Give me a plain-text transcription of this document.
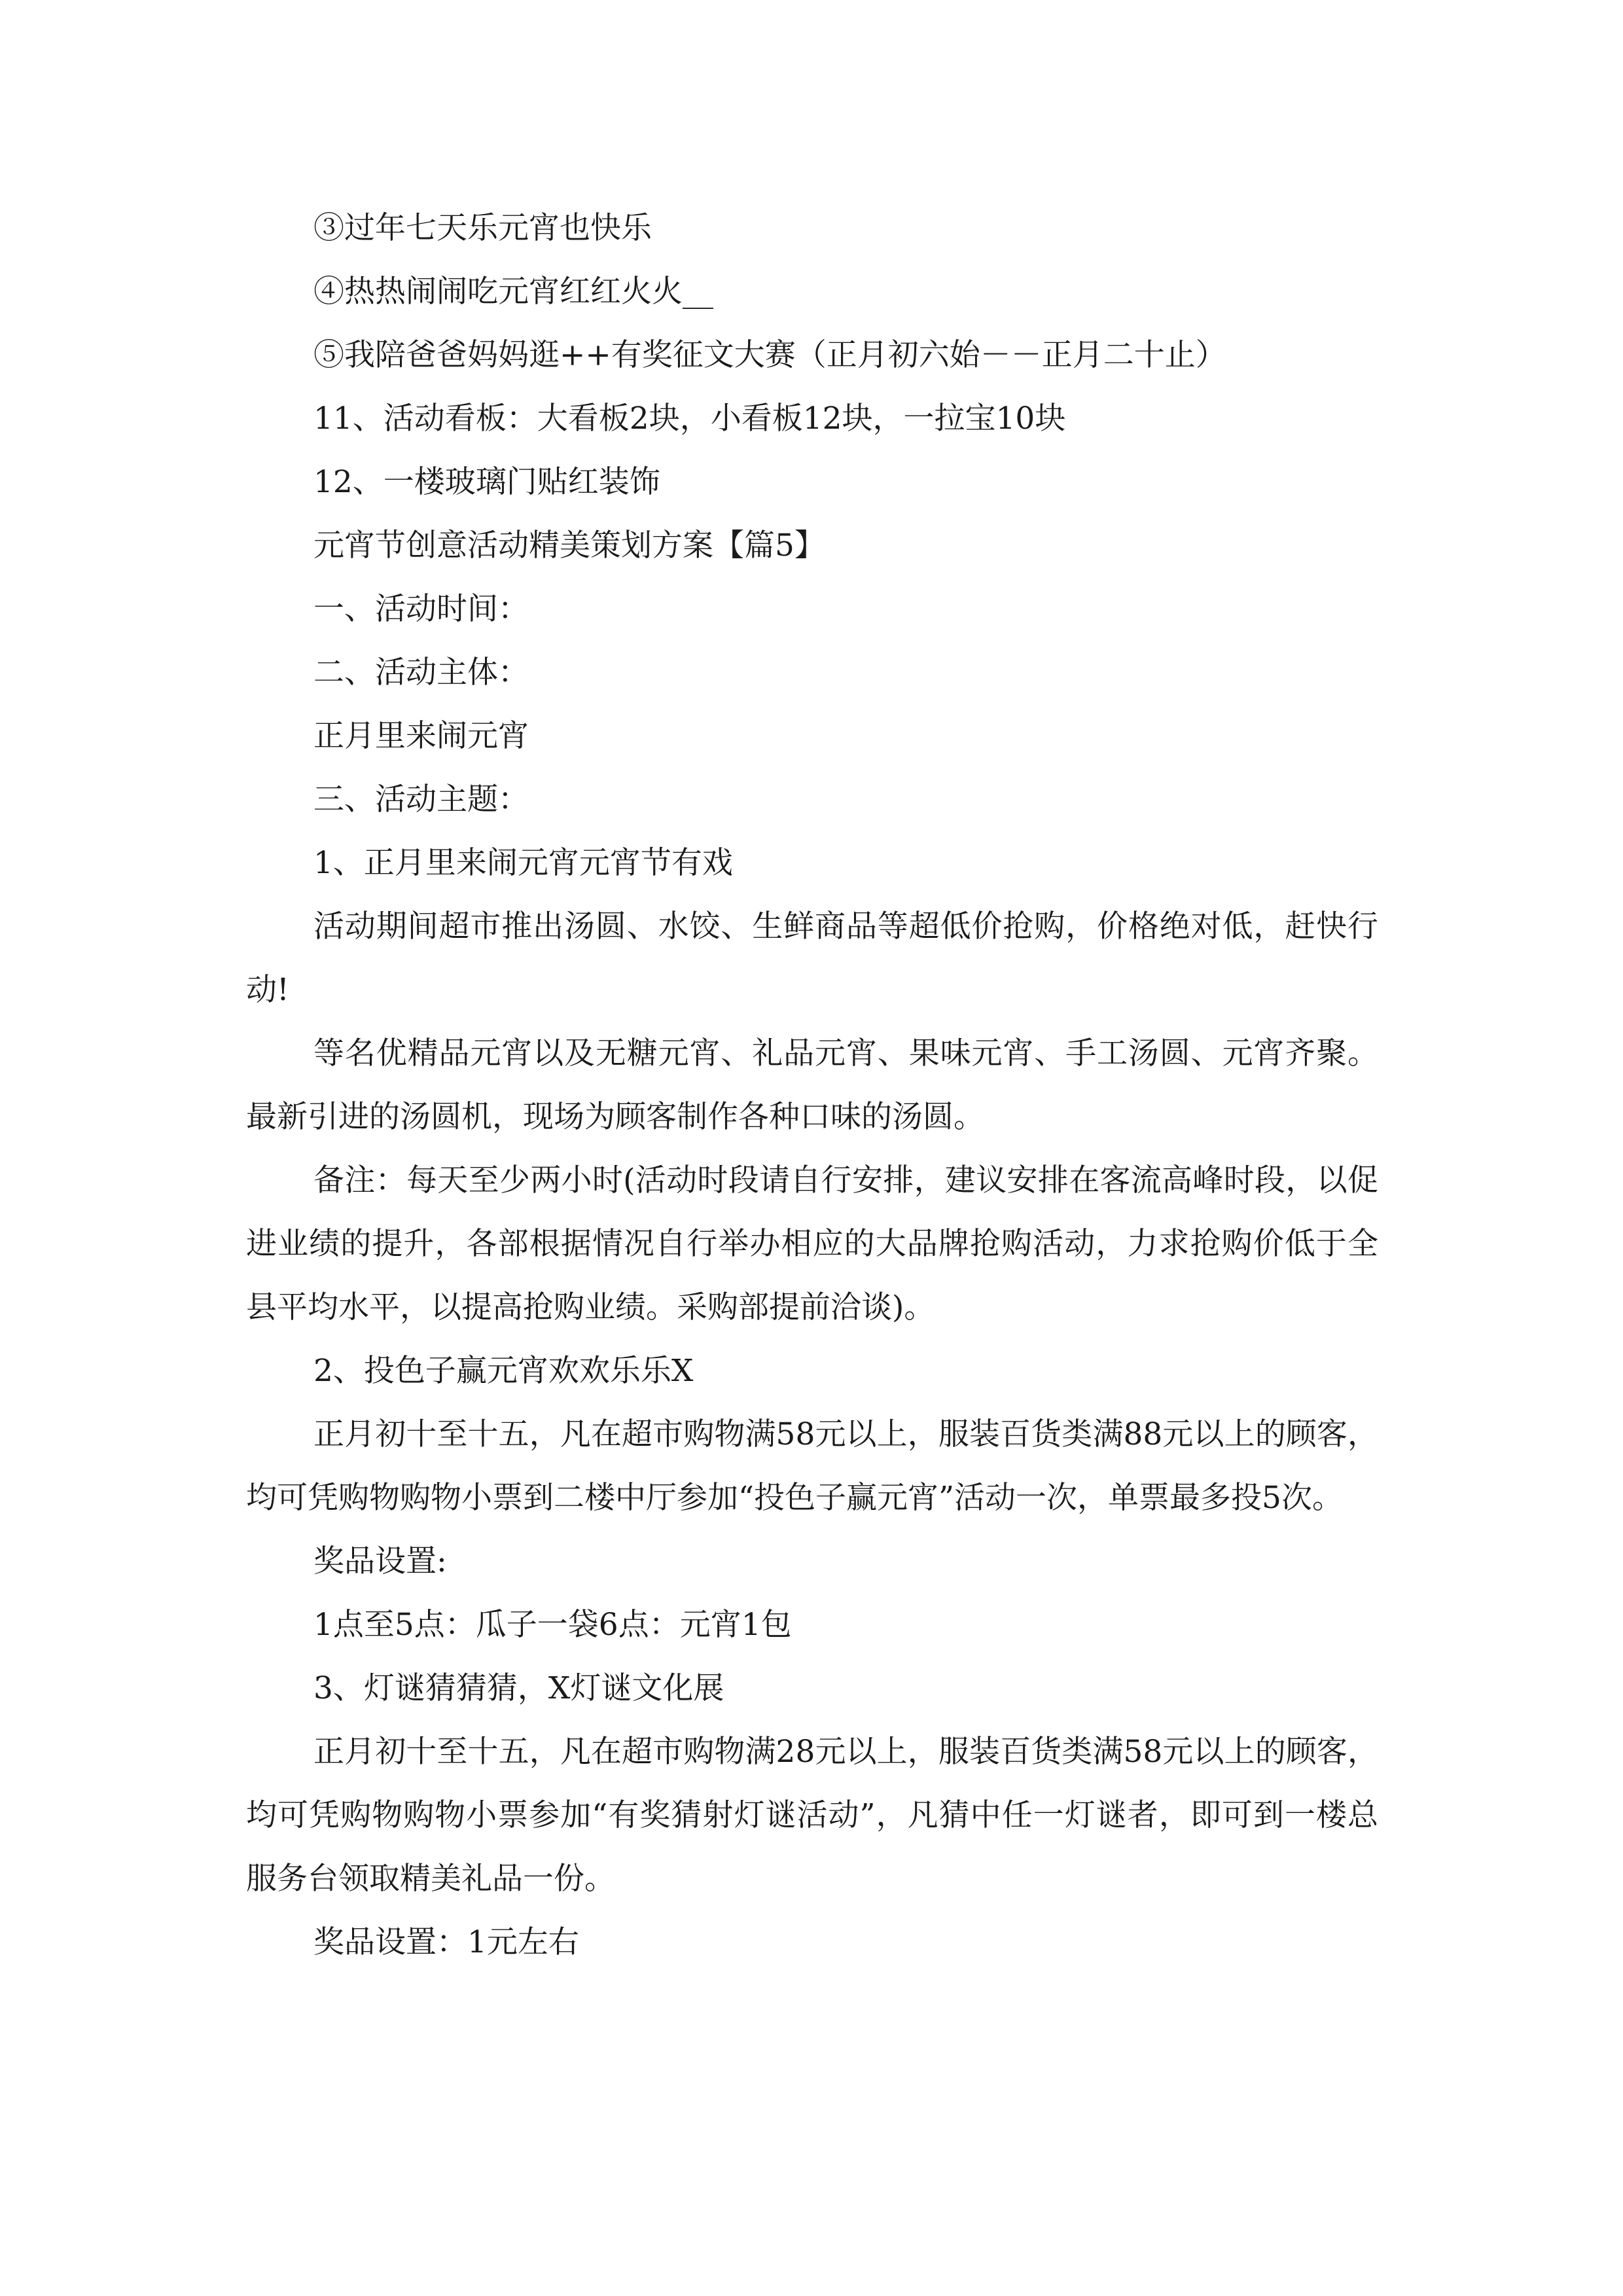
③过年七天乐元宵也快乐

④热热闹闹吃元宵红红火火__

⑤我陪爸爸妈妈逛++有奖征文大赛（正月初六始－－正月二十止）

11、活动看板：大看板2块，小看板12块，一拉宝10块

12、一楼玻璃门贴红装饰

元宵节创意活动精美策划方案【篇5】

一、活动时间：

二、活动主体：

正月里来闹元宵

三、活动主题：

1、正月里来闹元宵元宵节有戏

活动期间超市推出汤圆、水饺、生鲜商品等超低价抢购，价格绝对低，赶快行动!

等名优精品元宵以及无糖元宵、礼品元宵、果味元宵、手工汤圆、元宵齐聚。最新引进的汤圆机，现场为顾客制作各种口味的汤圆。

备注：每天至少两小时(活动时段请自行安排，建议安排在客流高峰时段，以促进业绩的提升，各部根据情况自行举办相应的大品牌抢购活动，力求抢购价低于全县平均水平，以提高抢购业绩。采购部提前洽谈)。

2、投色子赢元宵欢欢乐乐X

正月初十至十五，凡在超市购物满58元以上，服装百货类满88元以上的顾客，均可凭购物购物小票到二楼中厅参加“投色子赢元宵”活动一次，单票最多投5次。

奖品设置:

1点至5点：瓜子一袋6点：元宵1包

3、灯谜猜猜猜，X灯谜文化展

正月初十至十五，凡在超市购物满28元以上，服装百货类满58元以上的顾客，均可凭购物购物小票参加“有奖猜射灯谜活动”，凡猜中任一灯谜者，即可到一楼总服务台领取精美礼品一份。

奖品设置：1元左右
